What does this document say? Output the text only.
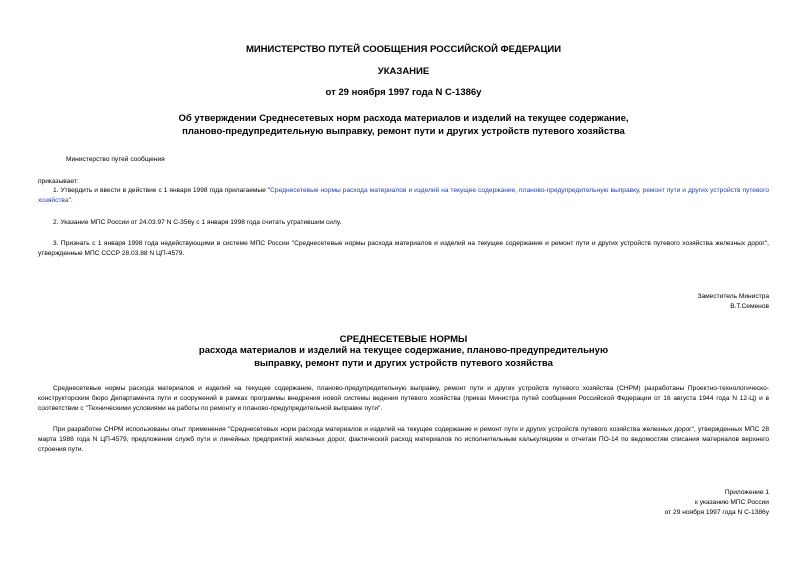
МИНИСТЕРСТВО ПУТЕЙ СООБЩЕНИЯ РОССИЙСКОЙ ФЕДЕРАЦИИ
УКАЗАНИЕ
от 29 ноября 1997 года N С-1386у
Об утверждении Среднесетевых норм расхода материалов и изделий на текущее содержание,
планово-предупредительную выправку, ремонт пути и других устройств путевого хозяйства
Министерство путей сообщения
приказывает:
1. Утвердить и ввести в действие с 1 января 1998 года прилагаемые "Среднесетевые нормы расхода материалов и изделий на текущее содержание, планово-предупредительную выправку, ремонт пути и других устройств путевого хозяйства".
2. Указание МПС России от 24.03.97 N С-356у с 1 января 1998 года считать утратившим силу.
3. Признать с 1 января 1998 года недействующими в системе МПС России "Среднесетевые нормы расхода материалов и изделий на текущее содержание и ремонт пути и других устройств путевого хозяйства железных дорог", утвержденные МПС СССР 28.03.88 N ЦП-4579.
Заместитель Министра
В.Т.Семенов
СРЕДНЕСЕТЕВЫЕ НОРМЫ
расхода материалов и изделий на текущее содержание, планово-предупредительную
выправку, ремонт пути и других устройств путевого хозяйства
Среднесетевые нормы расхода материалов и изделий на текущее содержание, планово-предупредительную выправку, ремонт пути и других устройств путевого хозяйства (СНРМ) разработаны Проектно-технологическо-конструкторским бюро Департамента пути и сооружений в рамках программы внедрения новой системы ведения путевого хозяйства (приказ Министра путей сообщения Российской Федерации от 16 августа 1944 года N 12-Ц) и в соответствии с "Техническими условиями на работы по ремонту и планово-предупредительной выправке пути".
При разработке СНРМ использованы опыт применения "Среднесетевых норм расхода материалов и изделий на текущее содержание и ремонт пути и других устройств путевого хозяйства железных дорог", утвержденных МПС 28 марта 1988 года N ЦП-4579, предложения служб пути и линейных предприятий железных дорог, фактический расход материалов по исполнительным калькуляциям и отчетам ПО-14 по ведомостям списания материалов верхнего строения пути.
Приложение 1
к указанию МПС России
от 29 ноября 1997 года N С-1386у
